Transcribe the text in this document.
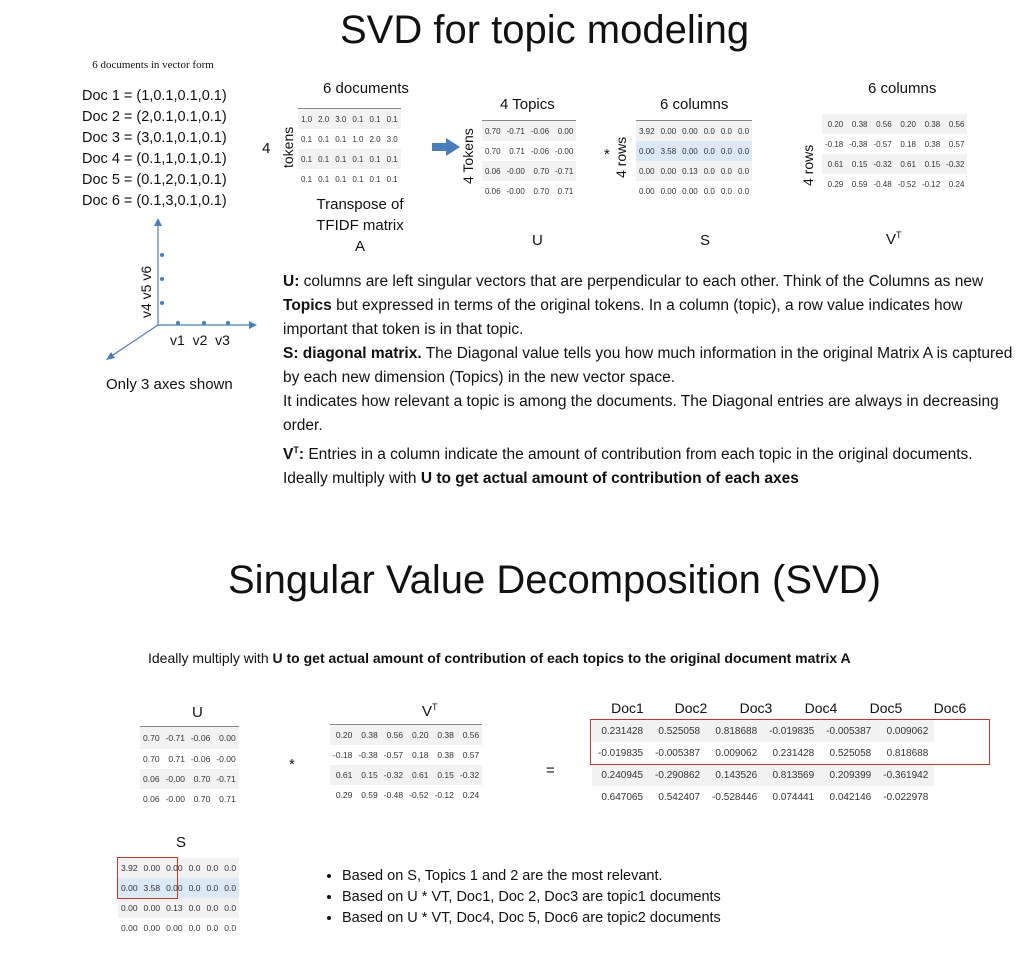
SVD for topic modeling
6 documents in vector form
Doc 1 = (1,0.1,0.1,0.1)
Doc 2 = (2,0.1,0.1,0.1)
Doc 3 = (3,0.1,0.1,0.1)
Doc 4 = (0.1,1,0.1,0.1)
Doc 5 = (0.1,2,0.1,0.1)
Doc 6 = (0.1,3,0.1,0.1)
v4 v5 v6
v1  v2  v3
Only 3 axes shown
6 documents
4 tokens
1.0	2.0	3.0	0.1	0.1	0.1
0.1	0.1	0.1	1.0	2.0	3.0
0.1	0.1	0.1	0.1	0.1	0.1
0.1	0.1	0.1	0.1	0.1	0.1
Transpose of
TFIDF matrix
A
4 Topics
4 Tokens 0.70	-0.71	-0.06	0.00
0.70	0.71	-0.06	-0.00
0.06	-0.00	0.70	-0.71
0.06	-0.00	0.70	0.71
U
*
6 columns
4 rows
3.92	0.00	0.00	0.0	0.0	0.0
0.00	3.58	0.00	0.0	0.0	0.0
0.00	0.00	0.13	0.0	0.0	0.0
0.00	0.00	0.00	0.0	0.0	0.0
S
6 columns
4 rows
0.20	0.38	0.56	0.20	0.38	0.56
-0.18	-0.38	-0.57	0.18	0.38	0.57
0.61	0.15	-0.32	0.61	0.15	-0.32
0.29	0.59	-0.48	-0.52	-0.12	0.24
$V^T$

U: columns are left singular vectors that are perpendicular to each other. Think of the Columns as new Topics but expressed in terms of the original tokens. In a column (topic), a row value indicates how important that token is in that topic.

S: diagonal matrix. The Diagonal value tells you how much information in the original Matrix A is captured by each new dimension (Topics) in the new vector space.

It indicates how relevant a topic is among the documents. The Diagonal entries are always in decreasing order.

$V^T$: Entries in a column indicate the amount of contribution from each topic in the original documents. Ideally multiply with U to get actual amount of contribution of each axes

Singular Value Decomposition (SVD)
Ideally multiply with U to get actual amount of contribution of each topics to the original document matrix A
U
0.70	-0.71	-0.06	0.00
0.70	0.71	-0.06	-0.00
0.06	-0.00	0.70	-0.71
0.06	-0.00	0.70	0.71
*
$V^T$
0.20	0.38	0.56	0.20	0.38	0.56
-0.18	-0.38	-0.57	0.18	0.38	0.57
0.61	0.15	-0.32	0.61	0.15	-0.32
0.29	0.59	-0.48	-0.52	-0.12	0.24
=
Doc1 Doc2 Doc3 Doc4 Doc5 Doc6
0.231428	0.525058	0.818688	-0.019835	-0.005387	0.009062
-0.019835	-0.005387	0.009062	0.231428	0.525058	0.818688
0.240945	-0.290862	0.143526	0.813569	0.209399	-0.361942
0.647065	0.542407	-0.528446	0.074441	0.042146	-0.022978
S
3.92	0.00	0.00	0.0	0.0	0.0
0.00	3.58	0.00	0.0	0.0	0.0
0.00	0.00	0.13	0.0	0.0	0.0
0.00	0.00	0.00	0.0	0.0	0.0
• Based on S, Topics 1 and 2 are the most relevant.
• Based on U * VT, Doc1, Doc 2, Doc3 are topic1 documents
• Based on U * VT, Doc4, Doc 5, Doc6 are topic2 documents
